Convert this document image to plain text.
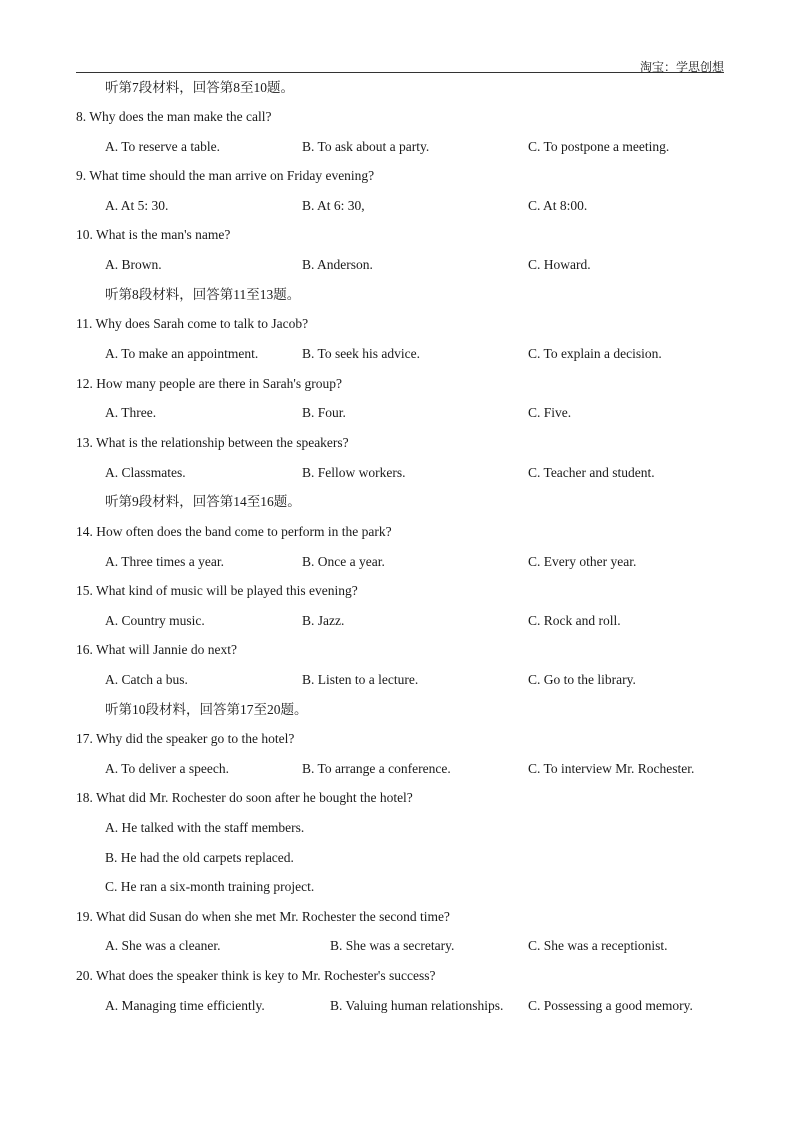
淘宝：学思创想
听第7段材料，回答第8至10题。
8. Why does the man make the call?
A. To reserve a table.	B. To ask about a party.	C. To postpone a meeting.
9. What time should the man arrive on Friday evening?
A. At 5: 30.	B. At 6: 30,	C. At 8:00.
10. What is the man's name?
A. Brown.	B. Anderson.	C. Howard.
听第8段材料，回答第11至13题。
11. Why does Sarah come to talk to Jacob?
A. To make an appointment.	B. To seek his advice.	C. To explain a decision.
12. How many people are there in Sarah's group?
A. Three.	B. Four.	C. Five.
13. What is the relationship between the speakers?
A. Classmates.	B. Fellow workers.	C. Teacher and student.
听第9段材料，回答第14至16题。
14. How often does the band come to perform in the park?
A. Three times a year.	B. Once a year.	C. Every other year.
15. What kind of music will be played this evening?
A. Country music.	B. Jazz.	C. Rock and roll.
16. What will Jannie do next?
A. Catch a bus.	B. Listen to a lecture.	C. Go to the library.
听第10段材料，回答第17至20题。
17. Why did the speaker go to the hotel?
A. To deliver a speech.	B. To arrange a conference.	C. To interview Mr. Rochester.
18. What did Mr. Rochester do soon after he bought the hotel?
A. He talked with the staff members.
B. He had the old carpets replaced.
C. He ran a six-month training project.
19. What did Susan do when she met Mr. Rochester the second time?
A. She was a cleaner.	B. She was a secretary.	C. She was a receptionist.
20. What does the speaker think is key to Mr. Rochester's success?
A. Managing time efficiently.	B. Valuing human relationships. C. Possessing a good memory.
